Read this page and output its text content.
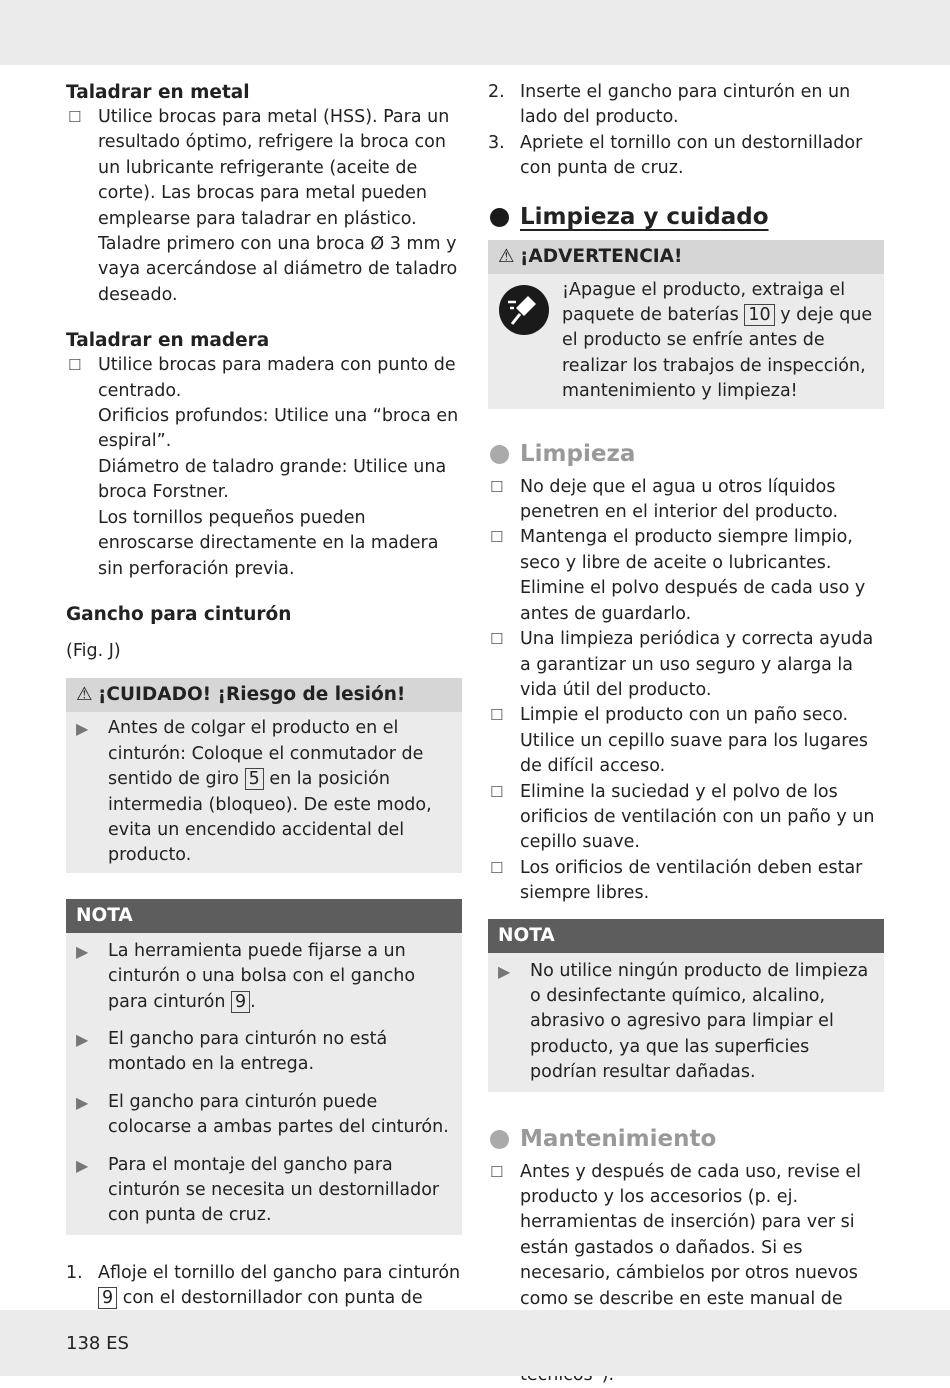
Taladrar en metal
☐ Utilice brocas para metal (HSS). Para un resultado óptimo, refrigere la broca con un lubricante refrigerante (aceite de corte). Las brocas para metal pueden emplearse para taladrar en plástico. Taladre primero con una broca Ø 3 mm y vaya acercándose al diámetro de taladro deseado.

Taladrar en madera
☐ Utilice brocas para madera con punto de centrado.

Orificios profundos: Utilice una “broca en espiral”.

Diámetro de taladro grande: Utilice una broca Forstner.

Los tornillos pequeños pueden enroscarse directamente en la madera sin perforación previa.

Gancho para cinturón

(Fig. J)

⚠ ¡CUIDADO! ¡Riesgo de lesión!
▶ Antes de colgar el producto en el cinturón: Coloque el conmutador de sentido de giro 5 en la posición intermedia (bloqueo). De este modo, evita un encendido accidental del producto.

NOTA
▶ La herramienta puede fijarse a un cinturón o una bolsa con el gancho para cinturón 9 .

▶ El gancho para cinturón no está montado en la entrega.

▶ El gancho para cinturón puede colocarse a ambas partes del cinturón.

▶ Para el montaje del gancho para cinturón se necesita un destornillador con punta de cruz.

1. Afloje el tornillo del gancho para cinturón 9 con el destornillador con punta de

2. Inserte el gancho para cinturón en un lado del producto.

3. Apriete el tornillo con un destornillador con punta de cruz.

Limpieza y cuidado
⚠ ¡ADVERTENCIA!

¡Apague el producto, extraiga el paquete de baterías 10 y deje que el producto se enfríe antes de realizar los trabajos de inspección, mantenimiento y limpieza!

Limpieza
☐ No deje que el agua u otros líquidos penetren en el interior del producto.

☐ Mantenga el producto siempre limpio, seco y libre de aceite o lubricantes. Elimine el polvo después de cada uso y antes de guardarlo.

☐ Una limpieza periódica y correcta ayuda a garantizar un uso seguro y alarga la vida útil del producto.

☐ Limpie el producto con un paño seco. Utilice un cepillo suave para los lugares de difícil acceso.

☐ Elimine la suciedad y el polvo de los orificios de ventilación con un paño y un cepillo suave.

☐ Los orificios de ventilación deben estar siempre libres.

NOTA
▶ No utilice ningún producto de limpieza o desinfectante químico, alcalino, abrasivo o agresivo para limpiar el producto, ya que las superficies podrían resultar dañadas.

Mantenimiento
☐ Antes y después de cada uso, revise el producto y los accesorios (p. ej. herramientas de inserción) para ver si están gastados o dañados. Si es necesario, cámbielos por otros nuevos como se describe en este manual de

138 ES
